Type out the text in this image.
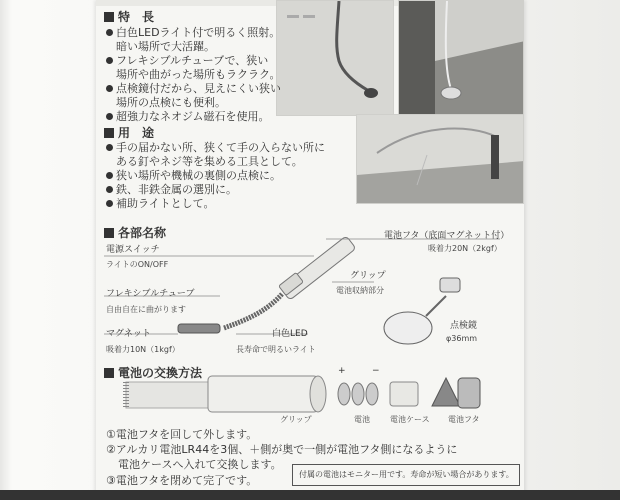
特　長
白色LEDライト付で明るく照射。
暗い場所で大活躍。
フレキシブルチューブで、狭い
場所や曲がった場所もラクラク。
点検鏡付だから、見えにくい狭い
場所の点検にも便利。
超強力なネオジム磁石を使用。
用　途
手の届かない所、狭くて手の入らない所に
ある釘やネジ等を集める工具として。
狭い場所や機械の裏側の点検に。
鉄、非鉄金属の選別に。
補助ライトとして。
各部名称
電源スイッチ
ライトのON/OFF
電池フタ（底面マグネット付）
吸着力20N（2kgf）
グリップ
電池収納部分
フレキシブルチューブ
自由自在に曲がります
マグネット
吸着力10N（1kgf）
白色LED
長寿命で明るいライト
点検鏡
φ36mm
電池の交換方法	+	−
グリップ	電池	電池ケース 電池フタ
①電池フタを回して外します。
②アルカリ電池LR44を3個、＋側が奥で一側が電池フタ側になるように
電池ケースへ入れて交換します。
③電池フタを閉めて完了です。	付属の電池はモニター用です。寿命が短い場合があります。
